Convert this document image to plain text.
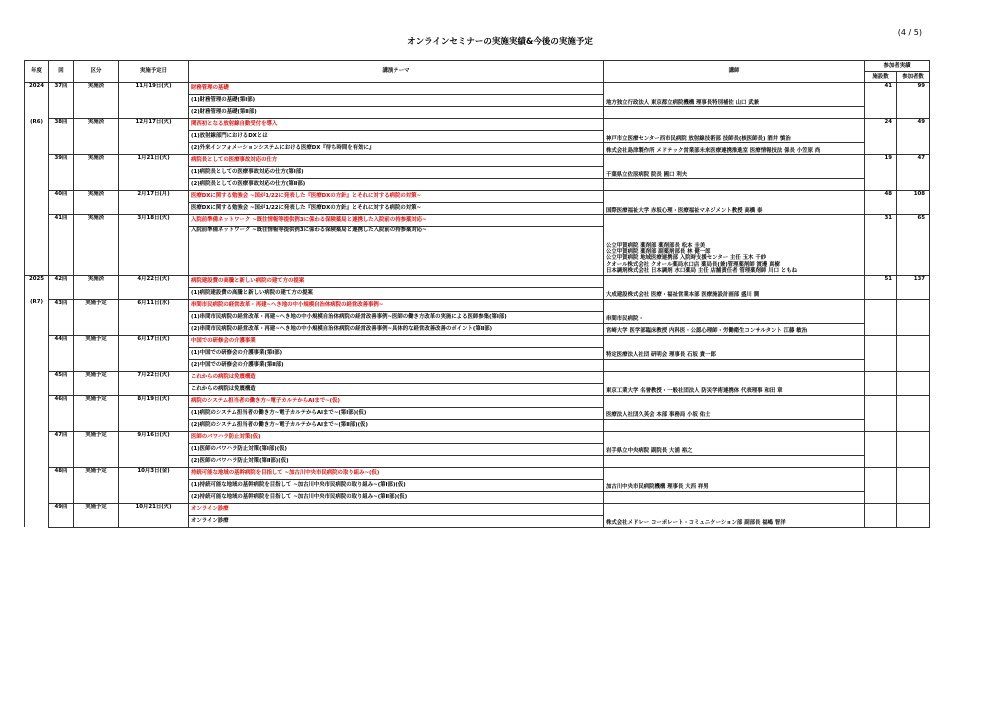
(4 / 5)
オンラインセミナーの実施実績&今後の実施予定
年度	回	区分	実施予定日	講演テーマ	講師	参加者実績	
						施設数	参加者数
2024	37回	実施済	11月19日(火)	財務管理の基礎		41	99
				(1)財務管理の基礎(第Ⅰ部)	地方独立行政法人 東京都立病院機構 理事長特別補佐 山口 武兼		
				(2)財務管理の基礎(第Ⅱ部)			
(R6)	38回	実施済	12月17日(火)	関西初となる放射線自動受付を導入		24	49
				(1)放射線部門におけるDXとは	神戸市立医療センター西市民病院 放射線技術部 技師長(核医師長) 酒井 慎治		
				(2)外来インフォメーションシステムにおける医療DX『待ち時間を有効に』	株式会社島津製作所 メドテック営業部未来医療連携推進室 医療情報技法 係長 小笠原 尚		
	39回	実施済	1月21日(火)	病院長としての医療事故対応の仕方		19	47
				(1)病院長としての医療事故対応の仕方(第Ⅰ部)	千葉県立佐原病院 院長 國口 利夫		
				(2)病院長としての医療事故対応の仕方(第Ⅱ部)			
	40回	実施済	2月17日(月)	医療DXに関する勉強会 ~国が1/22に発表した『医療DXの方針』とそれに対する病院の対策~		48	108
				医療DXに関する勉強会 ~国が1/22に発表した『医療DXの方針』とそれに対する病院の対策~	国際医療福祉大学 赤坂心理・医療福祉マネジメント教授 高橋 泰		
	41回	実施済	3月18日(火)	入院前準備ネットワーク ~既往情報等提供例3に係わる保険薬局と連携した入院前の持参薬対応~		31	65
				入院前準備ネットワーク ~既往情報等提供例3に係わる保険薬局と連携した入院前の持参薬対応~	公立甲賀病院 薬剤部 薬剤部長 松本 圭美
公立甲賀病院 薬剤部 副薬剤部長 林 健一郎
公立甲賀病院 地域医療連携部 入院時支援センター 主任 玉木 千紗
クオール株式会社 クオール薬局水口店 薬局長(兼)管理薬剤師 渡邊 真樹
日本調剤株式会社 日本調剤 水口薬局 主任 店舗責任者 管理薬剤師 川口 ともね		

2025	42回	実施済	4月22日(火)	病院建設費の高騰と新しい病院の建て方の提案		51	137
				(1)病院建設費の高騰と新しい病院の建て方の提案	大成建設株式会社 医療・福祉営業本部 医療施設計画部 盛川 潤		
(R7)	43回	実施予定	6月11日(水)	串間市民病院の経営改革・再建~へき地の中小規模自治体病院の経営改善事例~			
				(1)串間市民病院の経営改革・再建~へき地の中小規模自治体病院の経営改善事例~医師の働き方改革の実施による医師参集(第Ⅰ部)	串間市民病院・		
				(2)串間市民病院の経営改革・再建~へき地の中小規模自治体病院の経営改善事例~具体的な経営改善改善のポイント(第Ⅱ部)	宮崎大学 医学部臨床教授 内科医・公認心理師・労働衛生コンサルタント 江藤 敏治		
	44回	実施予定	6月17日(火)	中国での研修会の介護事業			
				(1)中国での研修会の介護事業(第Ⅰ部)	特定医療法人社団 研明会 理事長 石坂 貴一郎		
				(2)中国での研修会の介護事業(第Ⅱ部)			
	45回	実施予定	7月22日(火)	これからの病院は免震構造			
				これからの病院は免震構造	東京工業大学 名誉教授・一般社団法人 防災学術連携体 代表理事 和田 章		
	46回	実施予定	8月19日(火)	病院のシステム担当者の働き方~電子カルテからAIまで~(仮)			
				(1)病院のシステム担当者の働き方~電子カルテからAIまで~(第Ⅰ部)(仮)	医療法人社団久英会 本部 事務局 小坂 佑士		
				(2)病院のシステム担当者の働き方~電子カルテからAIまで~(第Ⅱ部)(仮)			
	47回	実施予定	9月16日(火)	医師のパワハラ防止対策(仮)			
				(1)医師のパワハラ防止対策(第Ⅰ部)(仮)	岩手県立中央病院 副院長 大浦 裕之		
				(2)医師のパワハラ防止対策(第Ⅱ部)(仮)			
	48回	実施予定	10月3日(金)	持続可能な地域の基幹病院を目指して ~加古川中央市民病院の取り組み~(仮)			
				(1)持続可能な地域の基幹病院を目指して ~加古川中央市民病院の取り組み~(第Ⅰ部)(仮)	加古川中央市民病院機構 理事長 大西 祥男		
				(2)持続可能な地域の基幹病院を目指して ~加古川中央市民病院の取り組み~(第Ⅱ部)(仮)			
	49回	実施予定	10月21日(火)	オンライン診療			
				オンライン診療	株式会社メドレー コーポレート・コミュニケーション部 副部長 福嶋 智洋		
